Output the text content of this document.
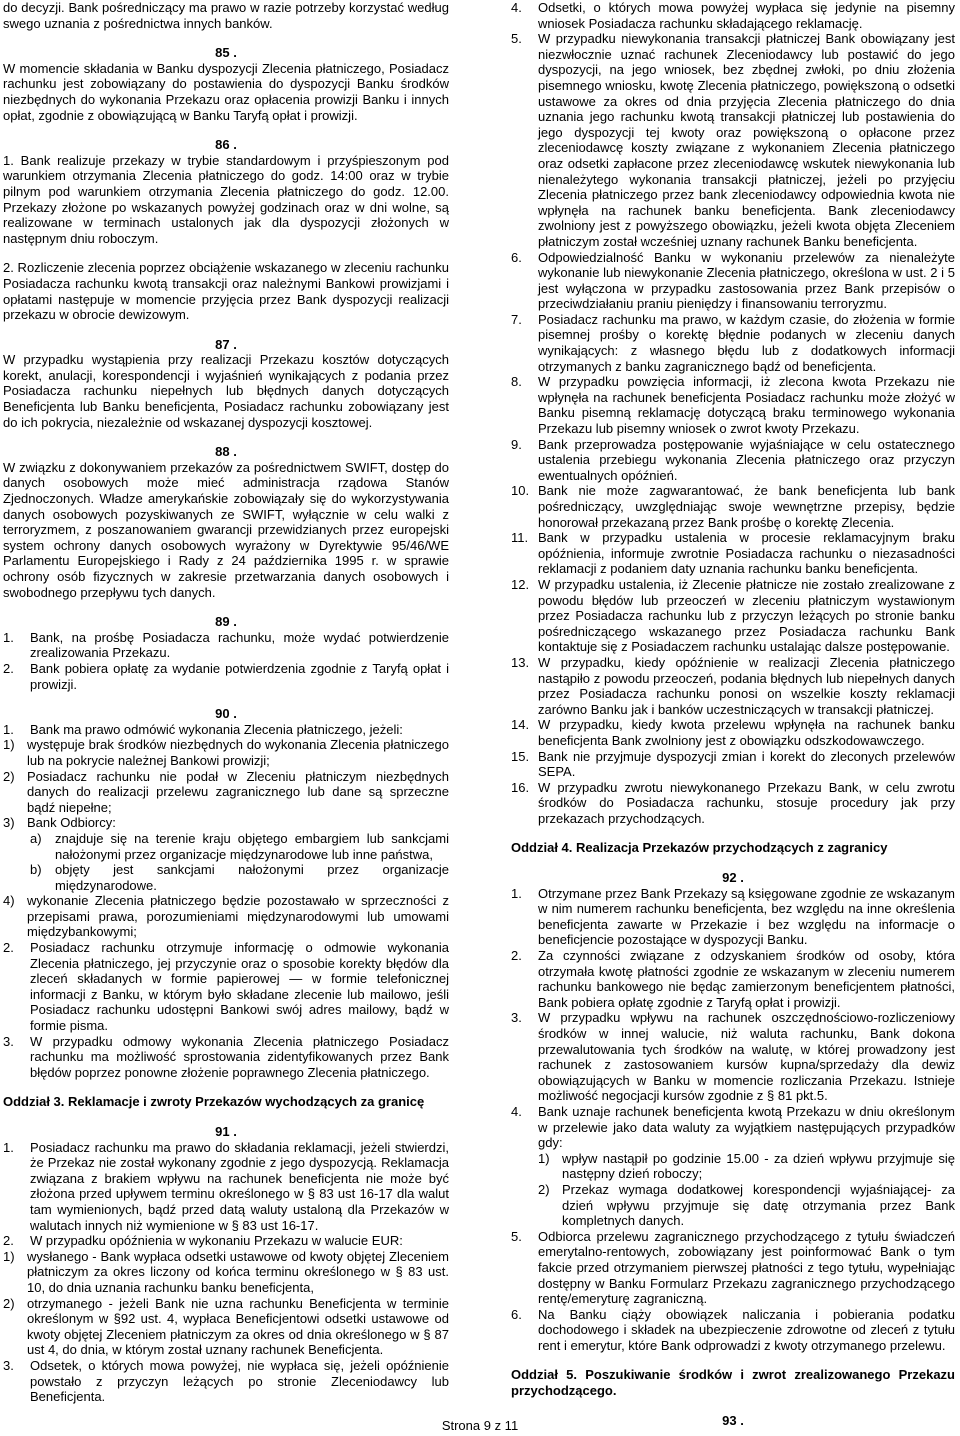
do decyzji. Bank pośredniczący ma prawo w razie potrzeby korzystać według swego uznania z pośrednictwa innych banków.

85 .

W momencie składania w Banku dyspozycji Zlecenia płatniczego, Posiadacz rachunku jest zobowiązany do postawienia do dyspozycji Banku środków niezbędnych do wykonania Przekazu oraz opłacenia prowizji Banku i innych opłat, zgodnie z obowiązującą w Banku Taryfą opłat i prowizji.

86 .

1. Bank realizuje przekazy w trybie standardowym i przyśpieszonym pod warunkiem otrzymania Zlecenia płatniczego do godz. 14:00 oraz w trybie pilnym pod warunkiem otrzymania Zlecenia płatniczego do godz. 12.00. Przekazy złożone po wskazanych powyżej godzinach oraz w dni wolne, są realizowane w terminach ustalonych jak dla dyspozycji złożonych w następnym dniu roboczym.

2. Rozliczenie zlecenia poprzez obciążenie wskazanego w zleceniu rachunku Posiadacza rachunku kwotą transakcji oraz należnymi Bankowi prowizjami i opłatami następuje w momencie przyjęcia przez Bank dyspozycji realizacji przekazu w obrocie dewizowym.

87 .

W przypadku wystąpienia przy realizacji Przekazu kosztów dotyczących korekt, anulacji, korespondencji i wyjaśnień wynikających z podania przez Posiadacza rachunku niepełnych lub błędnych danych dotyczących Beneficjenta lub Banku beneficjenta, Posiadacz rachunku zobowiązany jest do ich pokrycia, niezależnie od wskazanej dyspozycji kosztowej.

88 .

W związku z dokonywaniem przekazów za pośrednictwem SWIFT, dostęp do danych osobowych może mieć administracja rządowa Stanów Zjednoczonych. Władze amerykańskie zobowiązały się do wykorzystywania danych osobowych pozyskiwanych ze SWIFT, wyłącznie w celu walki z terroryzmem, z poszanowaniem gwarancji przewidzianych przez europejski system ochrony danych osobowych wyrażony w Dyrektywie 95/46/WE Parlamentu Europejskiego i Rady z 24 października 1995 r. w sprawie ochrony osób fizycznych w zakresie przetwarzania danych osobowych i swobodnego przepływu tych danych.

89 .

1.	Bank, na prośbę Posiadacza rachunku, może wydać potwierdzenie zrealizowania Przekazu.
2.	Bank pobiera opłatę za wydanie potwierdzenia zgodnie z Taryfą opłat i prowizji.

90 .

1.	Bank ma prawo odmówić wykonania Zlecenia płatniczego, jeżeli:
1) występuje brak środków niezbędnych do wykonania Zlecenia płatniczego lub na pokrycie należnej Bankowi prowizji;
2) Posiadacz rachunku nie podał w Zleceniu płatniczym niezbędnych danych do realizacji przelewu zagranicznego lub dane są sprzeczne bądź niepełne;
3) Bank Odbiorcy:
a)	znajduje się na terenie kraju objętego embargiem lub sankcjami nałożonymi przez organizacje międzynarodowe lub inne państwa,
b)	objęty jest sankcjami nałożonymi przez organizacje międzynarodowe.
4) wykonanie Zlecenia płatniczego będzie pozostawało w sprzeczności z przepisami prawa, porozumieniami międzynarodowymi lub umowami międzybankowymi;
2.	Posiadacz rachunku otrzymuje informację o odmowie wykonania Zlecenia płatniczego, jej przyczynie oraz o sposobie korekty błędów dla zleceń składanych w formie papierowej — w formie telefonicznej informacji z Banku, w którym było składane zlecenie lub mailowo, jeśli Posiadacz rachunku udostępni Bankowi swój adres mailowy, bądź w formie pisma.
3.	W przypadku odmowy wykonania Zlecenia płatniczego Posiadacz rachunku ma możliwość sprostowania zidentyfikowanych przez Bank błędów poprzez ponowne złożenie poprawnego Zlecenia płatniczego.

Oddział 3. Reklamacje i zwroty Przekazów wychodzących za granicę

91 .

1.	Posiadacz rachunku ma prawo do składania reklamacji, jeżeli stwierdzi, że Przekaz nie został wykonany zgodnie z jego dyspozycją. Reklamacja związana z brakiem wpływu na rachunek beneficjenta nie może być złożona przed upływem terminu określonego w § 83 ust 16-17 dla walut tam wymienionych, bądź przed datą waluty ustaloną dla Przekazów w walutach innych niż wymienione w § 83 ust 16-17.
2.	W przypadku opóźnienia w wykonaniu Przekazu w walucie EUR:
1) wysłanego - Bank wypłaca odsetki ustawowe od kwoty objętej Zleceniem płatniczym za okres liczony od końca terminu określonego w § 83 ust. 10, do dnia uznania rachunku banku beneficjenta,
2) otrzymanego - jeżeli Bank nie uzna rachunku Beneficjenta w terminie określonym w §92 ust. 4, wypłaca Beneficjentowi odsetki ustawowe od kwoty objętej Zleceniem płatniczym za okres od dnia określonego w § 87 ust 4, do dnia, w którym został uznany rachunek Beneficjenta.
3.	Odsetek, o których mowa powyżej, nie wypłaca się, jeżeli opóźnienie powstało z przyczyn leżących po stronie Zleceniodawcy lub Beneficjenta.
4.	Odsetki, o których mowa powyżej wypłaca się jedynie na pisemny wniosek Posiadacza rachunku składającego reklamację.
5.	W przypadku niewykonania transakcji płatniczej Bank obowiązany jest niezwłocznie uznać rachunek Zleceniodawcy lub postawić do jego dyspozycji, na jego wniosek, bez zbędnej zwłoki, po dniu złożenia pisemnego wniosku, kwotę Zlecenia płatniczego, powiększoną o odsetki ustawowe za okres od dnia przyjęcia Zlecenia płatniczego do dnia uznania jego rachunku kwotą transakcji płatniczej lub postawienia do jego dyspozycji tej kwoty oraz powiększoną o opłacone przez zleceniodawcę koszty związane z wykonaniem Zlecenia płatniczego oraz odsetki zapłacone przez zleceniodawcę wskutek niewykonania lub nienależytego wykonania transakcji płatniczej, jeżeli po przyjęciu Zlecenia płatniczego przez bank zleceniodawcy odpowiednia kwota nie wpłynęła na rachunek banku beneficjenta. Bank zleceniodawcy zwolniony jest z powyższego obowiązku, jeżeli kwota objęta Zleceniem płatniczym został wcześniej uznany rachunek Banku beneficjenta.
6.	Odpowiedzialność Banku w wykonaniu przelewów za nienależyte wykonanie lub niewykonanie Zlecenia płatniczego, określona w ust. 2 i 5 jest wyłączona w przypadku zastosowania przez Bank przepisów o przeciwdziałaniu praniu pieniędzy i finansowaniu terroryzmu.
7.	Posiadacz rachunku ma prawo, w każdym czasie, do złożenia w formie pisemnej prośby o korektę błędnie podanych w zleceniu danych wynikających: z własnego błędu lub z dodatkowych informacji otrzymanych z banku zagranicznego bądź od beneficjenta.
8.	W przypadku powzięcia informacji, iż zlecona kwota Przekazu nie wpłynęła na rachunek beneficjenta Posiadacz rachunku może złożyć w Banku pisemną reklamację dotyczącą braku terminowego wykonania Przekazu lub pisemny wniosek o zwrot kwoty Przekazu.
9.	Bank przeprowadza postępowanie wyjaśniające w celu ostatecznego ustalenia przebiegu wykonania Zlecenia płatniczego oraz przyczyn ewentualnych opóźnień.
10. Bank nie może zagwarantować, że bank beneficjenta lub bank pośredniczący, uwzględniając swoje wewnętrzne przepisy, będzie honorował przekazaną przez Bank prośbę o korektę Zlecenia.
11. Bank w przypadku ustalenia w procesie reklamacyjnym braku opóźnienia, informuje zwrotnie Posiadacza rachunku o niezasadności reklamacji z podaniem daty uznania rachunku banku beneficjenta.
12. W przypadku ustalenia, iż Zlecenie płatnicze nie zostało zrealizowane z powodu błędów lub przeoczeń w zleceniu płatniczym wystawionym przez Posiadacza rachunku lub z przyczyn leżących po stronie banku pośredniczącego wskazanego przez Posiadacza rachunku Bank kontaktuje się z Posiadaczem rachunku ustalając dalsze postępowanie.
13. W przypadku, kiedy opóźnienie w realizacji Zlecenia płatniczego nastąpiło z powodu przeoczeń, podania błędnych lub niepełnych danych przez Posiadacza rachunku ponosi on wszelkie koszty reklamacji zarówno Banku jak i banków uczestniczących w transakcji płatniczej.
14. W przypadku, kiedy kwota przelewu wpłynęła na rachunek banku beneficjenta Bank zwolniony jest z obowiązku odszkodowawczego.
15. Bank nie przyjmuje dyspozycji zmian i korekt do zleconych przelewów SEPA.
16. W przypadku zwrotu niewykonanego Przekazu Bank, w celu zwrotu środków do Posiadacza rachunku, stosuje procedury jak przy przekazach przychodzących.

Oddział 4. Realizacja Przekazów przychodzących z zagranicy

92 .

1.	Otrzymane przez Bank Przekazy są księgowane zgodnie ze wskazanym w nim numerem rachunku beneficjenta, bez względu na inne określenia beneficjenta zawarte w Przekazie i bez względu na informacje o beneficjencie pozostające w dyspozycji Banku.
2.	Za czynności związane z odzyskaniem środków od osoby, która otrzymała kwotę płatności zgodnie ze wskazanym w zleceniu numerem rachunku bankowego nie będąc zamierzonym beneficjentem płatności, Bank pobiera opłatę zgodnie z Taryfą opłat i prowizji.
3.	W przypadku wpływu na rachunek oszczędnościowo-rozliczeniowy środków w innej walucie, niż waluta rachunku, Bank dokona przewalutowania tych środków na walutę, w której prowadzony jest rachunek z zastosowaniem kursów kupna/sprzedaży dla dewiz obowiązujących w Banku w momencie rozliczania Przekazu. Istnieje możliwość negocjacji kursów zgodnie z § 81 pkt.5.
4.	Bank uznaje rachunek beneficjenta kwotą Przekazu w dniu określonym w przelewie jako data waluty za wyjątkiem następujących przypadków gdy:
1) wpływ nastąpił po godzinie 15.00 - za dzień wpływu przyjmuje się następny dzień roboczy;
2) Przekaz wymaga dodatkowej korespondencji wyjaśniającej- za dzień wpływu przyjmuje się datę otrzymania przez Bank kompletnych danych.
5.	Odbiorca przelewu zagranicznego przychodzącego z tytułu świadczeń emerytalno-rentowych, zobowiązany jest poinformować Bank o tym fakcie przed otrzymaniem pierwszej płatności z tego tytułu, wypełniając dostępny w Banku Formularz Przekazu zagranicznego przychodzącego rentę/emeryturę zagraniczną.
6.	Na Banku ciąży obowiązek naliczania i pobierania podatku dochodowego i składek na ubezpieczenie zdrowotne od zleceń z tytułu rent i emerytur, które Bank odprowadzi z kwoty otrzymanego przelewu.

Oddział 5. Poszukiwanie środków i zwrot zrealizowanego Przekazu przychodzącego.

93 .

Strona 9 z 11
